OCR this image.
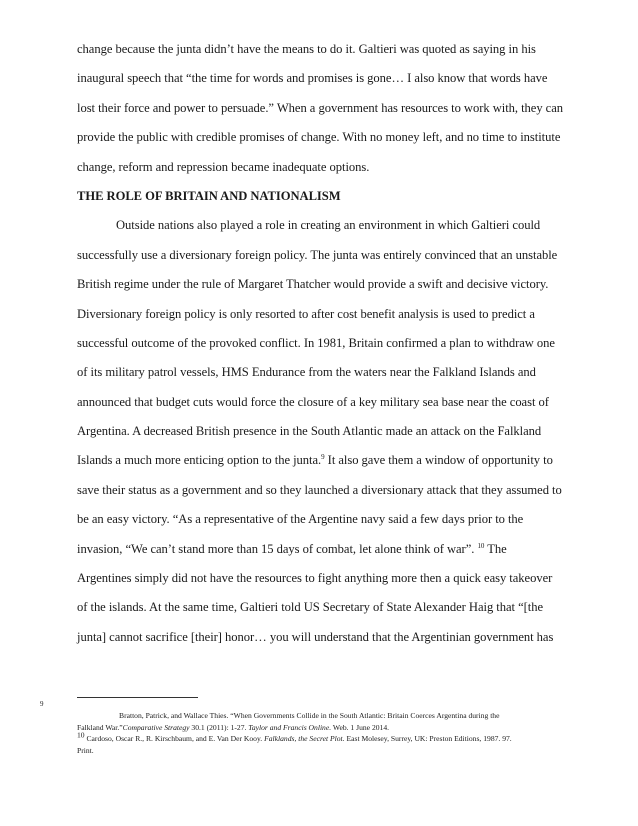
change because the junta didn’t have the means to do it. Galtieri was quoted as saying in his
inaugural speech that “the time for words and promises is gone… I also know that words have
lost their force and power to persuade.” When a government has resources to work with, they can
provide the public with credible promises of change. With no money left, and no time to institute
change, reform and repression became inadequate options.
THE ROLE OF BRITAIN AND NATIONALISM
Outside nations also played a role in creating an environment in which Galtieri could
successfully use a diversionary foreign policy. The junta was entirely convinced that an unstable
British regime under the rule of Margaret Thatcher would provide a swift and decisive victory.
Diversionary foreign policy is only resorted to after cost benefit analysis is used to predict a
successful outcome of the provoked conflict. In 1981, Britain confirmed a plan to withdraw one
of its military patrol vessels, HMS Endurance from the waters near the Falkland Islands and
announced that budget cuts would force the closure of a key military sea base near the coast of
Argentina. A decreased British presence in the South Atlantic made an attack on the Falkland
Islands a much more enticing option to the junta.$^9$ It also gave them a window of opportunity to
save their status as a government and so they launched a diversionary attack that they assumed to
be an easy victory. “As a representative of the Argentine navy said a few days prior to the
invasion, “We can’t stand more than 15 days of combat, let alone think of war”. $^{10}$ The
Argentines simply did not have the resources to fight anything more then a quick easy takeover
of the islands. At the same time, Galtieri told US Secretary of State Alexander Haig that “[the
junta] cannot sacrifice [their] honor… you will understand that the Argentinian government has
9
Bratton, Patrick, and Wallace Thies. “When Governments Collide in the South Atlantic: Britain Coerces Argentina during the
Falkland War.”Comparative Strategy 30.1 (2011): 1-27. Taylor and Francis Online. Web. 1 June 2014.
$^{10}$ Cardoso, Oscar R., R. Kirschbaum, and E. Van Der Kooy. Falklands, the Secret Plot. East Molesey, Surrey, UK: Preston Editions, 1987. 97.
Print.
